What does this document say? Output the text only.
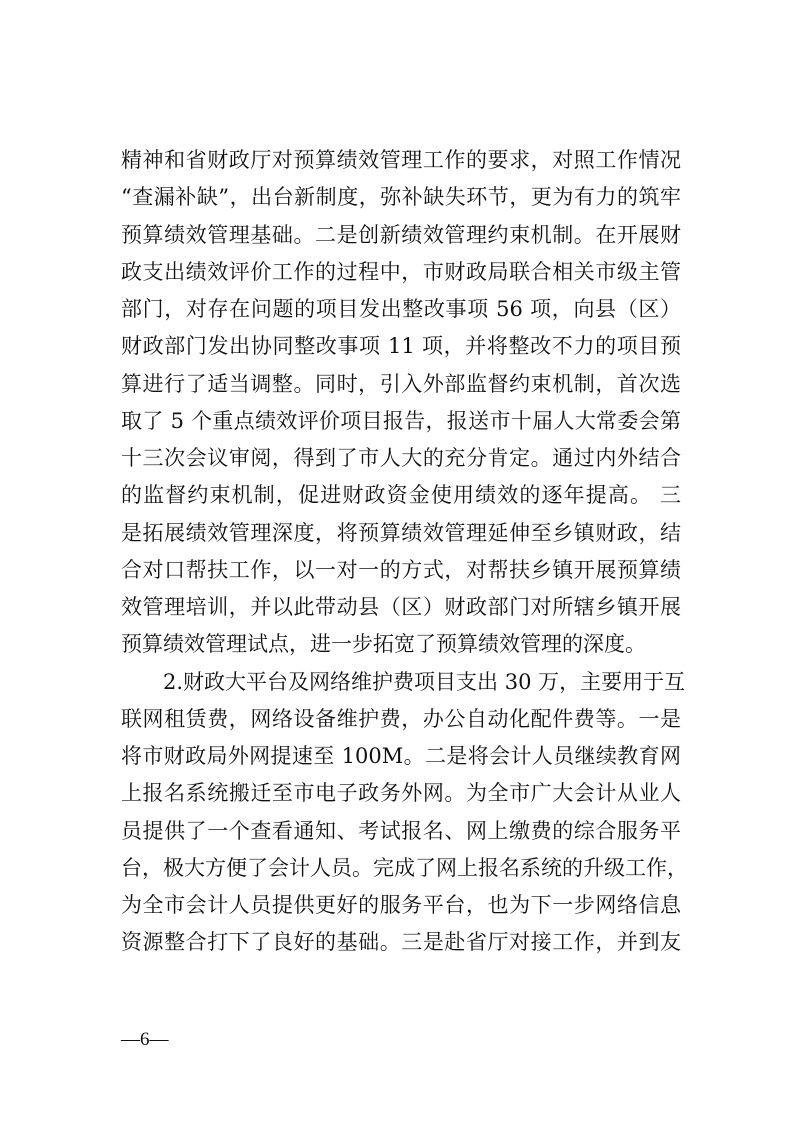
精神和省财政厅对预算绩效管理工作的要求，对照工作情况
“查漏补缺”，出台新制度，弥补缺失环节，更为有力的筑牢
预算绩效管理基础。二是创新绩效管理约束机制。在开展财
政支出绩效评价工作的过程中，市财政局联合相关市级主管
部门，对存在问题的项目发出整改事项 56 项，向县（区）
财政部门发出协同整改事项 11 项，并将整改不力的项目预
算进行了适当调整。同时，引入外部监督约束机制，首次选
取了 5 个重点绩效评价项目报告，报送市十届人大常委会第
十三次会议审阅，得到了市人大的充分肯定。通过内外结合
的监督约束机制，促进财政资金使用绩效的逐年提高。 三
是拓展绩效管理深度，将预算绩效管理延伸至乡镇财政，结
合对口帮扶工作，以一对一的方式，对帮扶乡镇开展预算绩
效管理培训，并以此带动县（区）财政部门对所辖乡镇开展
预算绩效管理试点，进一步拓宽了预算绩效管理的深度。
2.财政大平台及网络维护费项目支出 30 万，主要用于互
联网租赁费，网络设备维护费，办公自动化配件费等。一是
将市财政局外网提速至 100M。二是将会计人员继续教育网
上报名系统搬迁至市电子政务外网。为全市广大会计从业人
员提供了一个查看通知、考试报名、网上缴费的综合服务平
台，极大方便了会计人员。完成了网上报名系统的升级工作，
为全市会计人员提供更好的服务平台，也为下一步网络信息
资源整合打下了良好的基础。三是赴省厅对接工作，并到友
—6—
